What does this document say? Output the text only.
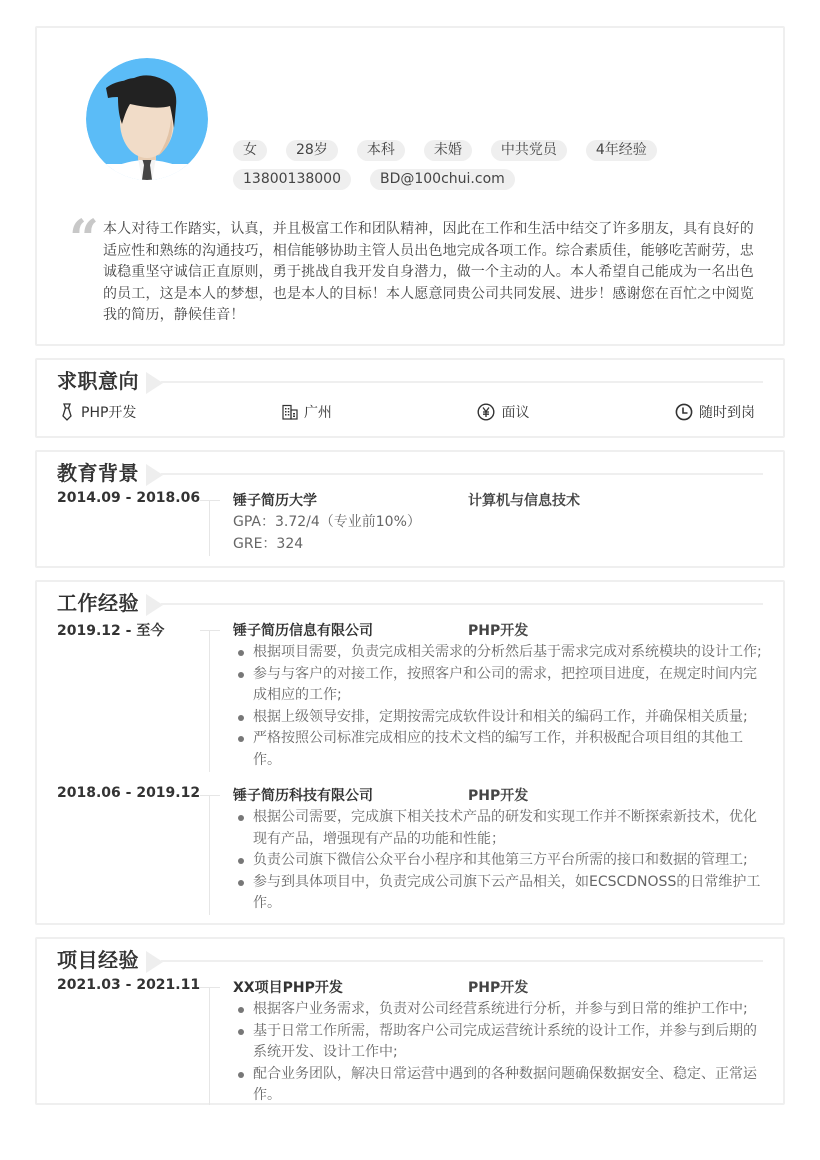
女	28岁	本科	未婚	中共党员	4年经验
13800138000	BD@100chui.com
“ 本人对待工作踏实，认真，并且极富工作和团队精神，因此在工作和生活中结交了许多朋友，具有良好的适应性和熟练的沟通技巧，相信能够协助主管人员出色地完成各项工作。综合素质佳，能够吃苦耐劳，忠诚稳重坚守诚信正直原则，勇于挑战自我开发自身潜力，做一个主动的人。本人希望自己能成为一名出色的员工，这是本人的梦想，也是本人的目标！本人愿意同贵公司共同发展、进步！感谢您在百忙之中阅览我的简历，静候佳音！

求职意向
PHP开发	广州	面议	随时到岗
教育背景
2014.09 - 2018.06 锤子简历大学	计算机与信息技术
GPA：3.72/4（专业前10%）
GRE：324
工作经验
2019.12 - 至今	锤子简历信息有限公司	PHP开发
根据项目需要，负责完成相关需求的分析然后基于需求完成对系统模块的设计工作;
参与与客户的对接工作，按照客户和公司的需求，把控项目进度，在规定时间内完成相应的工作;
根据上级领导安排，定期按需完成软件设计和相关的编码工作，并确保相关质量;
严格按照公司标准完成相应的技术文档的编写工作，并积极配合项目组的其他工作。
2018.06 - 2019.12 锤子简历科技有限公司	PHP开发
根据公司需要，完成旗下相关技术产品的研发和实现工作并不断探索新技术，优化现有产品，增强现有产品的功能和性能；
负责公司旗下微信公众平台小程序和其他第三方平台所需的接口和数据的管理工;
参与到具体项目中，负责完成公司旗下云产品相关，如ECSCDNOSS的日常维护工作。
项目经验
2021.03 - 2021.11 XX项目PHP开发	PHP开发
根据客户业务需求，负责对公司经营系统进行分析，并参与到日常的维护工作中;
基于日常工作所需，帮助客户公司完成运营统计系统的设计工作，并参与到后期的系统开发、设计工作中;
配合业务团队，解决日常运营中遇到的各种数据问题确保数据安全、稳定、正常运作。
